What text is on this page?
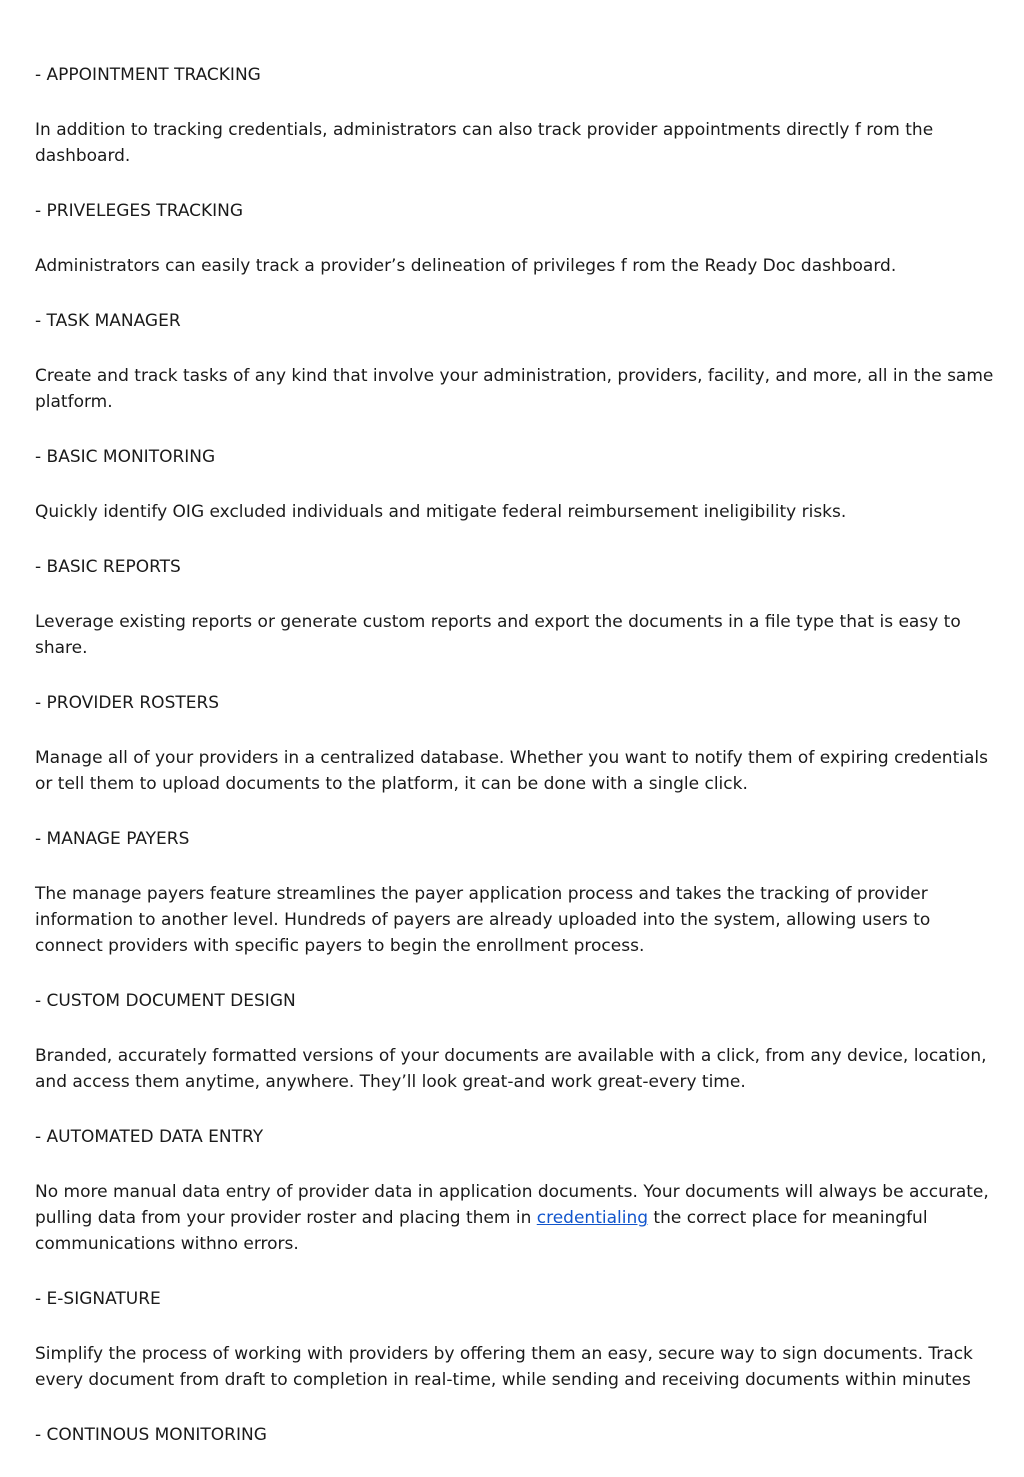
- APPOINTMENT TRACKING
In addition to tracking credentials, administrators can also track provider appointments directly f rom the dashboard.
- PRIVELEGES TRACKING
Administrators can easily track a provider’s delineation of privileges f rom the Ready Doc dashboard.
- TASK MANAGER
Create and track tasks of any kind that involve your administration, providers, facility, and more, all in the same platform.
- BASIC MONITORING
Quickly identify OIG excluded individuals and mitigate federal reimbursement ineligibility risks.
- BASIC REPORTS
Leverage existing reports or generate custom reports and export the documents in a file type that is easy to share.
- PROVIDER ROSTERS
Manage all of your providers in a centralized database. Whether you want to notify them of expiring credentials or tell them to upload documents to the platform, it can be done with a single click.
- MANAGE PAYERS
The manage payers feature streamlines the payer application process and takes the tracking of provider information to another level. Hundreds of payers are already uploaded into the system, allowing users to connect providers with specific payers to begin the enrollment process.
- CUSTOM DOCUMENT DESIGN
Branded, accurately formatted versions of your documents are available with a click, from any device, location, and access them anytime, anywhere. They’ll look great-and work great-every time.
- AUTOMATED DATA ENTRY
No more manual data entry of provider data in application documents. Your documents will always be accurate, pulling data from your provider roster and placing them in credentialing the correct place for meaningful communications withno errors.
- E-SIGNATURE
Simplify the process of working with providers by offering them an easy, secure way to sign documents. Track every document from draft to completion in real-time, while sending and receiving documents within minutes
- CONTINOUS MONITORING
